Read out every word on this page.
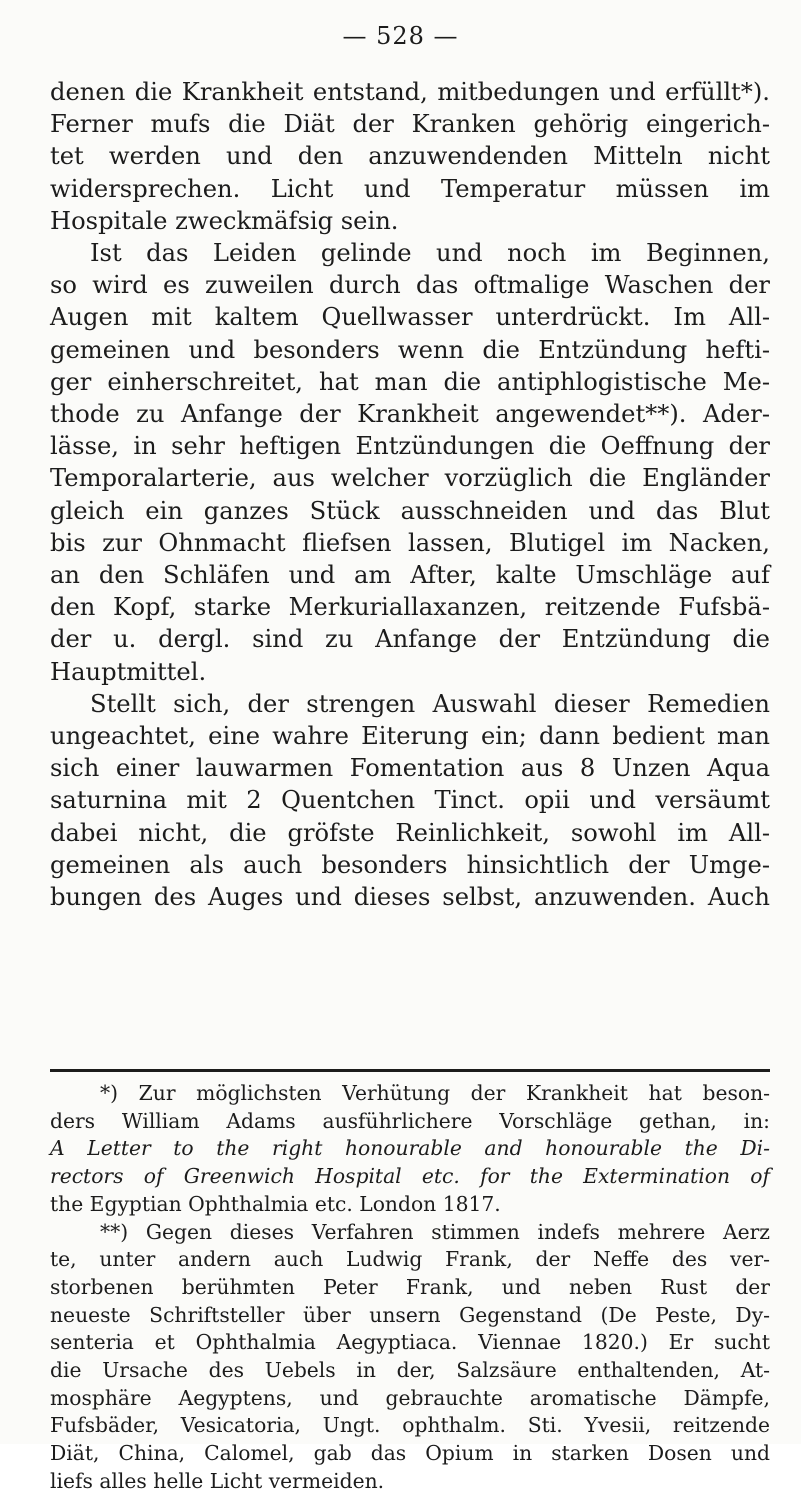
— 528 —
denen die Krankheit entstand, mitbedungen und erfüllt*).
Ferner mufs die Diät der Kranken gehörig eingerich-
tet werden und den anzuwendenden Mitteln nicht
widersprechen. Licht und Temperatur müssen im
Hospitale zweckmäfsig sein.
Ist das Leiden gelinde und noch im Beginnen,
so wird es zuweilen durch das oftmalige Waschen der
Augen mit kaltem Quellwasser unterdrückt. Im All-
gemeinen und besonders wenn die Entzündung hefti-
ger einherschreitet, hat man die antiphlogistische Me-
thode zu Anfange der Krankheit angewendet**). Ader-
lässe, in sehr heftigen Entzündungen die Oeffnung der
Temporalarterie, aus welcher vorzüglich die Engländer
gleich ein ganzes Stück ausschneiden und das Blut
bis zur Ohnmacht fliefsen lassen, Blutigel im Nacken,
an den Schläfen und am After, kalte Umschläge auf
den Kopf, starke Merkuriallaxanzen, reitzende Fufsbä-
der u. dergl. sind zu Anfange der Entzündung die
Hauptmittel.
Stellt sich, der strengen Auswahl dieser Remedien
ungeachtet, eine wahre Eiterung ein; dann bedient man
sich einer lauwarmen Fomentation aus 8 Unzen Aqua
saturnina mit 2 Quentchen Tinct. opii und versäumt
dabei nicht, die gröfste Reinlichkeit, sowohl im All-
gemeinen als auch besonders hinsichtlich der Umge-
bungen des Auges und dieses selbst, anzuwenden. Auch
*) Zur möglichsten Verhütung der Krankheit hat beson-
ders William Adams ausführlichere Vorschläge gethan, in:
A Letter to the right honourable and honourable the Di-
rectors of Greenwich Hospital etc. for the Extermination of
the Egyptian Ophthalmia etc. London 1817.
**) Gegen dieses Verfahren stimmen indefs mehrere Aerz
te, unter andern auch Ludwig Frank, der Neffe des ver-
storbenen berühmten Peter Frank, und neben Rust der
neueste Schriftsteller über unsern Gegenstand (De Peste, Dy-
senteria et Ophthalmia Aegyptiaca. Viennae 1820.) Er sucht
die Ursache des Uebels in der, Salzsäure enthaltenden, At-
mosphäre Aegyptens, und gebrauchte aromatische Dämpfe,
Fufsbäder, Vesicatoria, Ungt. ophthalm. Sti. Yvesii, reitzende
Diät, China, Calomel, gab das Opium in starken Dosen und
liefs alles helle Licht vermeiden.
